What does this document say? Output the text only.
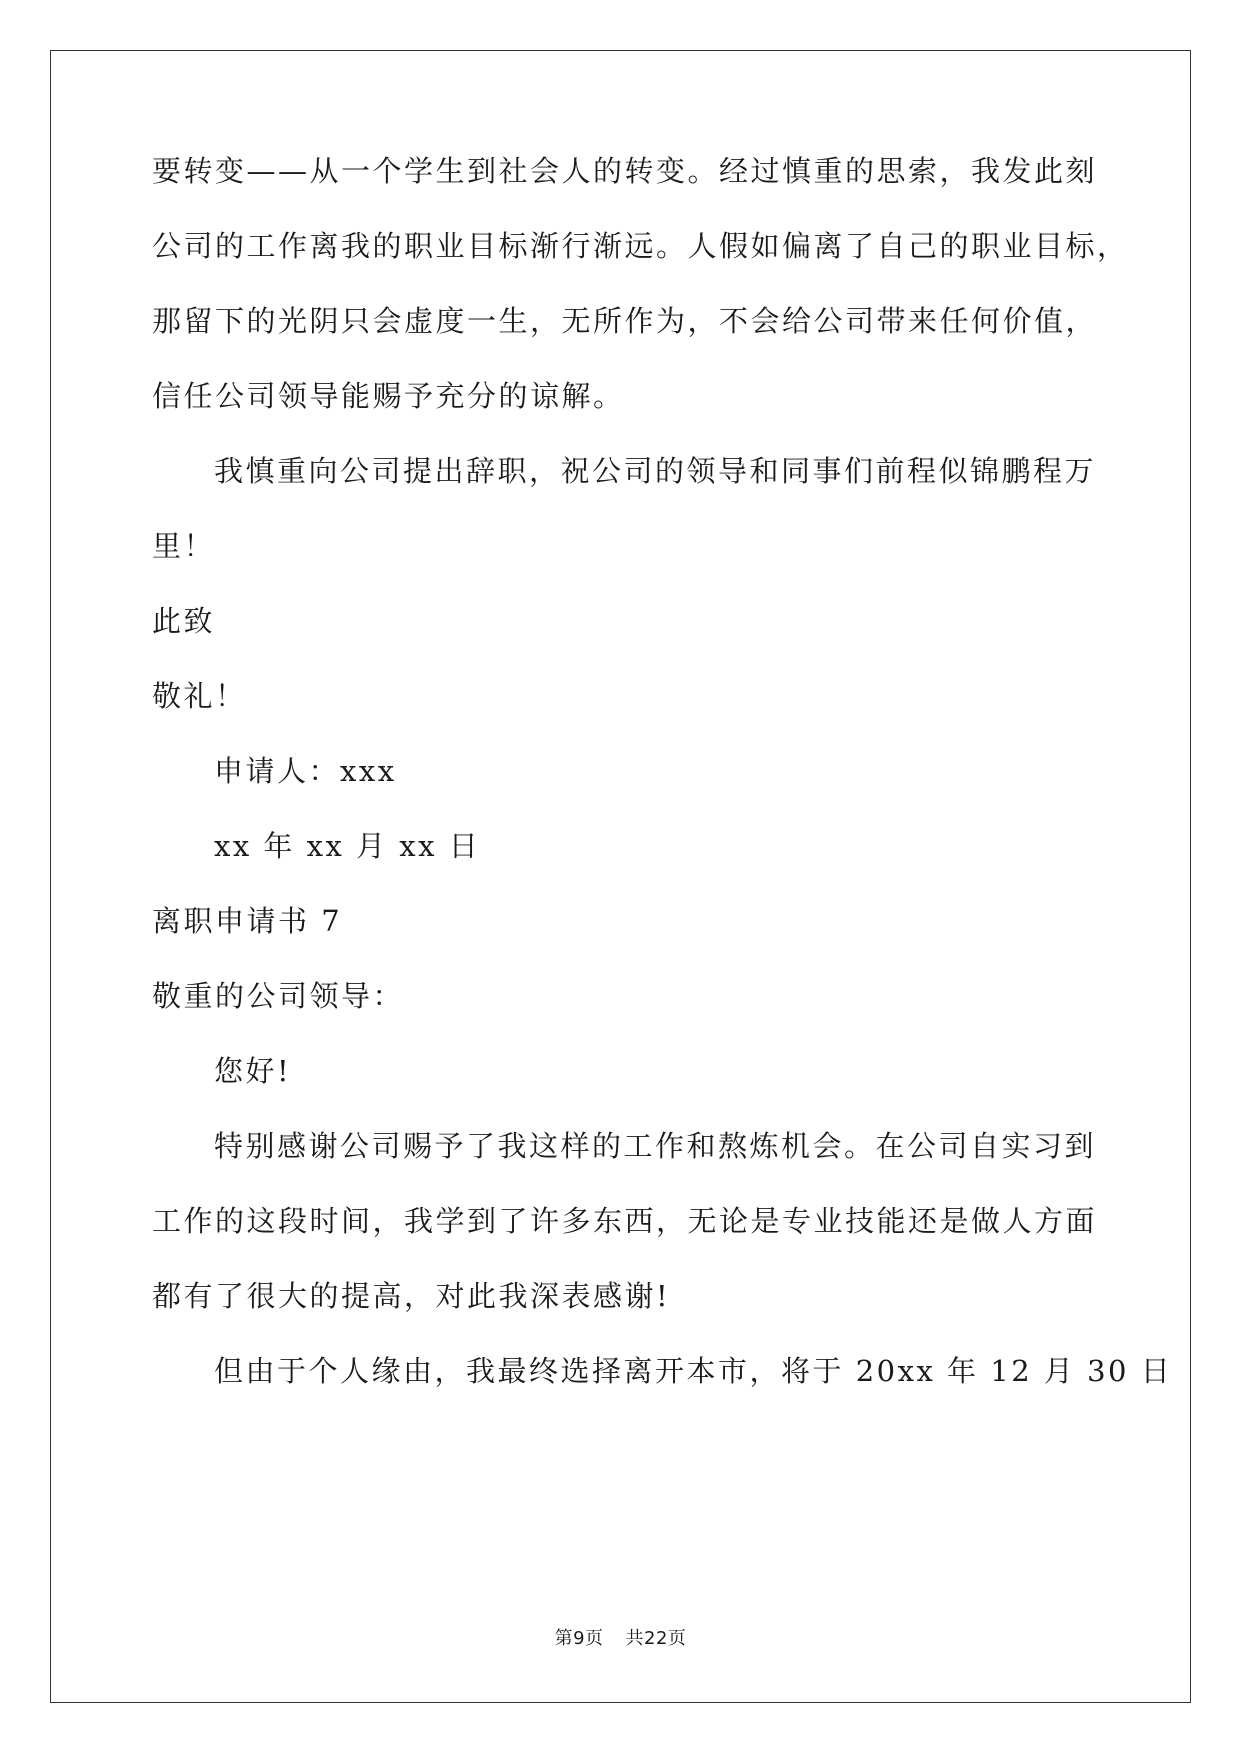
要转变——从一个学生到社会人的转变。经过慎重的思索，我发此刻
公司的工作离我的职业目标渐行渐远。人假如偏离了自己的职业目标，
那留下的光阴只会虚度一生，无所作为，不会给公司带来任何价值，
信任公司领导能赐予充分的谅解。
我慎重向公司提出辞职，祝公司的领导和同事们前程似锦鹏程万
里！
此致
敬礼！
申请人：xxx
xx 年 xx 月 xx 日
离职申请书 7
敬重的公司领导：
您好!
特别感谢公司赐予了我这样的工作和熬炼机会。在公司自实习到
工作的这段时间，我学到了许多东西，无论是专业技能还是做人方面
都有了很大的提高，对此我深表感谢!
但由于个人缘由，我最终选择离开本市，将于 20xx 年 12 月 30 日
第9页 共22页
